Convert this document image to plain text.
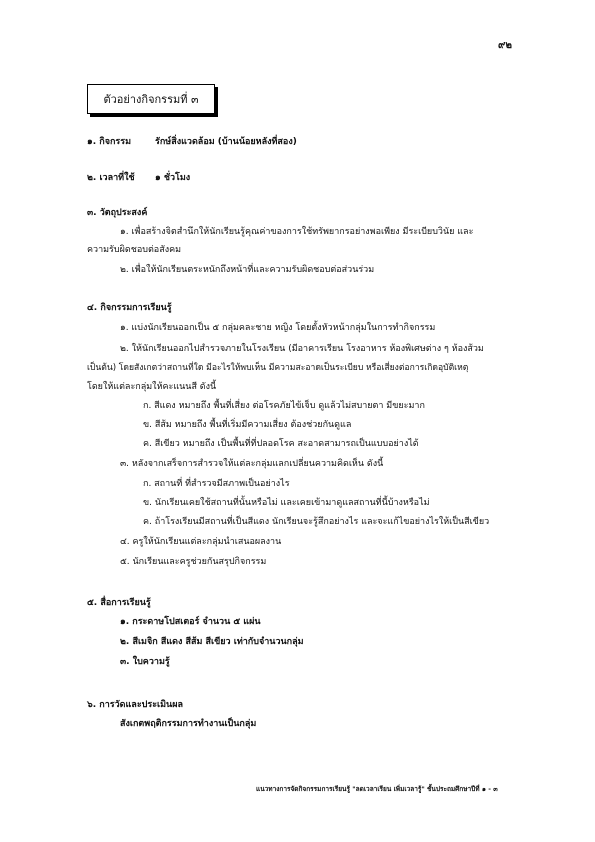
๙๒
ตัวอย่างกิจกรรมที่ ๓
๑. กิจกรรม	รักษ์สิ่งแวดล้อม (บ้านน้อยหลังที่สอง)
๒. เวลาที่ใช้ ๑ ชั่วโมง
๓. วัตถุประสงค์
๑. เพื่อสร้างจิตสำนึกให้นักเรียนรู้คุณค่าของการใช้ทรัพยากรอย่างพอเพียง มีระเบียบวินัย และ
ความรับผิดชอบต่อสังคม
๒. เพื่อให้นักเรียนตระหนักถึงหน้าที่และความรับผิดชอบต่อส่วนร่วม
๔. กิจกรรมการเรียนรู้
๑. แบ่งนักเรียนออกเป็น ๕ กลุ่มคละชาย หญิง โดยตั้งหัวหน้ากลุ่มในการทำกิจกรรม
๒. ให้นักเรียนออกไปสำรวจภายในโรงเรียน (มีอาคารเรียน โรงอาหาร ห้องพิเศษต่าง ๆ ห้องส้วม
เป็นต้น) โดยสังเกตว่าสถานที่ใด มีอะไรให้พบเห็น มีความสะอาดเป็นระเบียบ หรือเสี่ยงต่อการเกิดอุบัติเหตุ
โดยให้แต่ละกลุ่มให้คะแนนสี ดังนี้
ก. สีแดง หมายถึง พื้นที่เสี่ยง ต่อโรคภัยไข้เจ็บ ดูแล้วไม่สบายตา มีขยะมาก
ข. สีส้ม หมายถึง พื้นที่เริ่มมีความเสี่ยง ต้องช่วยกันดูแล
ค. สีเขียว หมายถึง เป็นพื้นที่ที่ปลอดโรค สะอาดสามารถเป็นแบบอย่างได้
๓. หลังจากเสร็จการสำรวจให้แต่ละกลุ่มแลกเปลี่ยนความคิดเห็น ดังนี้
ก. สถานที่ ที่สำรวจมีสภาพเป็นอย่างไร
ข. นักเรียนเคยใช้สถานที่นั้นหรือไม่ และเคยเข้ามาดูแลสถานที่นี้บ้างหรือไม่
ค. ถ้าโรงเรียนมีสถานที่เป็นสีแดง นักเรียนจะรู้สึกอย่างไร และจะแก้ไขอย่างไรให้เป็นสีเขียว
๔. ครูให้นักเรียนแต่ละกลุ่มนำเสนอผลงาน
๕. นักเรียนและครูช่วยกันสรุปกิจกรรม
๕. สื่อการเรียนรู้
๑. กระดาษโปสเตอร์ จำนวน ๕ แผ่น
๒. สีเมจิก สีแดง สีส้ม สีเขียว เท่ากับจำนวนกลุ่ม
๓. ใบความรู้
๖. การวัดและประเมินผล
สังเกตพฤติกรรมการทำงานเป็นกลุ่ม
แนวทางการจัดกิจกรรมการเรียนรู้ "ลดเวลาเรียน เพิ่มเวลารู้" ชั้นประถมศึกษาปีที่ ๑ - ๓
